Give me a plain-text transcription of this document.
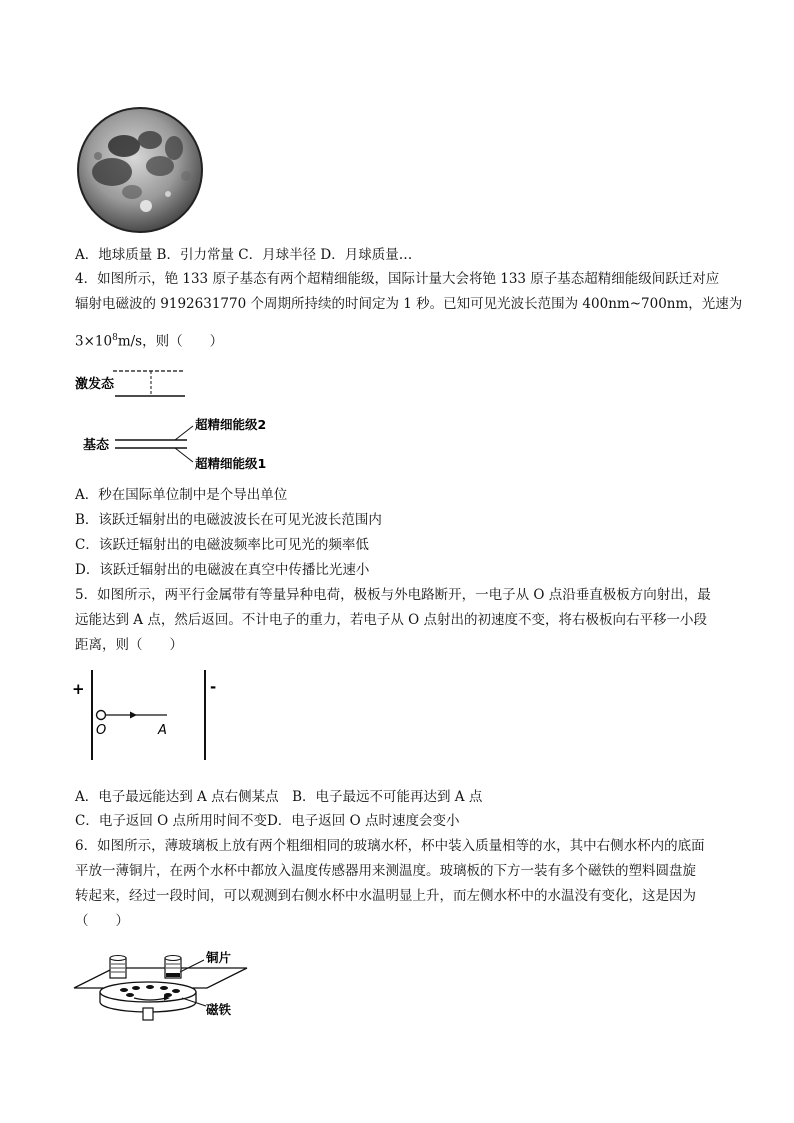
A．地球质量 B．引力常量 C．月球半径 D．月球质量…
4．如图所示，铯 133 原子基态有两个超精细能级，国际计量大会将铯 133 原子基态超精细能级间跃迁对应
辐射电磁波的 9192631770 个周期所持续的时间定为 1 秒。已知可见光波长范围为 400nm~700nm，光速为
$3\times 10^8m/s$，则（　　）
激发态
基态
超精细能级2
超精细能级1
A．秒在国际单位制中是个导出单位
B．该跃迁辐射出的电磁波波长在可见光波长范围内
C．该跃迁辐射出的电磁波频率比可见光的频率低
D．该跃迁辐射出的电磁波在真空中传播比光速小
5．如图所示，两平行金属带有等量异种电荷，极板与外电路断开，一电子从 O 点沿垂直极板方向射出，最
远能达到 A 点，然后返回。不计电子的重力，若电子从 O 点射出的初速度不变，将右极板向右平移一小段
距离，则（　　）
+	-
O	A
A．电子最远能达到 A 点右侧某点　B．电子最远不可能再达到 A 点
C．电子返回 O 点所用时间不变D．电子返回 O 点时速度会变小
6．如图所示，薄玻璃板上放有两个粗细相同的玻璃水杯，杯中装入质量相等的水，其中右侧水杯内的底面
平放一薄铜片，在两个水杯中都放入温度传感器用来测温度。玻璃板的下方一装有多个磁铁的塑料圆盘旋
转起来，经过一段时间，可以观测到右侧水杯中水温明显上升，而左侧水杯中的水温没有变化，这是因为
（　　）
铜片
磁铁
